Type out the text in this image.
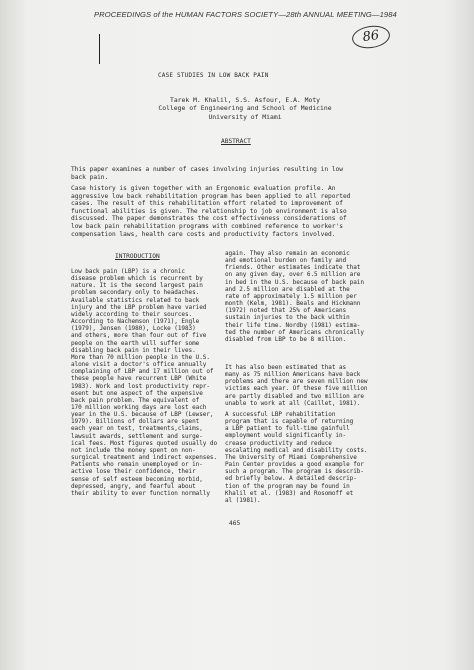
PROCEEDINGS of the HUMAN FACTORS SOCIETY—28th ANNUAL MEETING—1984
86
CASE STUDIES IN LOW BACK PAIN
Tarek M. Khalil, S.S. Asfour, E.A. Moty
College of Engineering and School of Medicine
University of Miami
ABSTRACT
This paper examines a number of cases involving injuries resulting in low
back pain.
Case history is given together with an Ergonomic evaluation profile. An
aggressive low back rehabilitation program has been applied to all reported
cases. The result of this rehabilitation effort related to improvement of
functional abilities is given. The relationship to job environment is also
discussed. The paper demonstrates the cost effectiveness considerations of
low back pain rehabilitation programs with combined reference to worker's
compensation laws, health care costs and productivity factors involved.
INTRODUCTION
Low back pain (LBP) is a chronic
disease problem which is recurrent by
nature. It is the second largest pain
problem secondary only to headaches.
Available statistics related to back
injury and the LBP problem have varied
widely according to their sources.
According to Nachemson (1971), Engle
(1979), Jensen (1980), Locke (1983)
and others, more than four out of five
people on the earth will suffer some
disabling back pain in their lives.
More than 70 million people in the U.S.
alone visit a doctor's office annually
complaining of LBP and 17 million out of
these people have recurrent LBP (White
1983). Work and lost productivity repr-
esent but one aspect of the expensive
back pain problem. The equivalent of
170 million working days are lost each
year in the U.S. because of LBP (Lewser,
1979). Billions of dollars are spent
each year on test, treatments,claims,
lawsuit awards, settlement and surge-
ical fees. Most figures quoted usually do
not include the money spent on non-
surgical treatment and indirect expenses.
Patients who remain unemployed or in-
active lose their confidence, their
sense of self esteem becoming morbid,
depressed, angry, and fearful about
their ability to ever function normally
again. They also remain an economic
and emotional burden on family and
friends. Other estimates indicate that
on any given day, over 6.5 million are
in bed in the U.S. because of back pain
and 2.5 million are disabled at the
rate of approximately 1.5 million per
month (Kelm, 1981). Beals and Hickmann
(1972) noted that 25% of Americans
sustain injuries to the back within
their life time. Nordby (1981) estima-
ted the number of Americans chronically
disabled from LBP to be 8 million.
It has also been estimated that as
many as 75 million Americans have back
problems and there are seven million new
victims each year. Of these five million
are partly disabled and two million are
unable to work at all (Caillet, 1981).
A successful LBP rehabilitation
program that is capable of returning
a LBP patient to full-time gainfull
employment would significantly in-
crease productivity and reduce
escalating medical and disability costs.
The University of Miami Comprehensive
Pain Center provides a good example for
such a program. The program is describ-
ed briefly below. A detailed descrip-
tion of the program may be found in
Khalil et al. (1983) and Rosomoff et
al (1981).
465
